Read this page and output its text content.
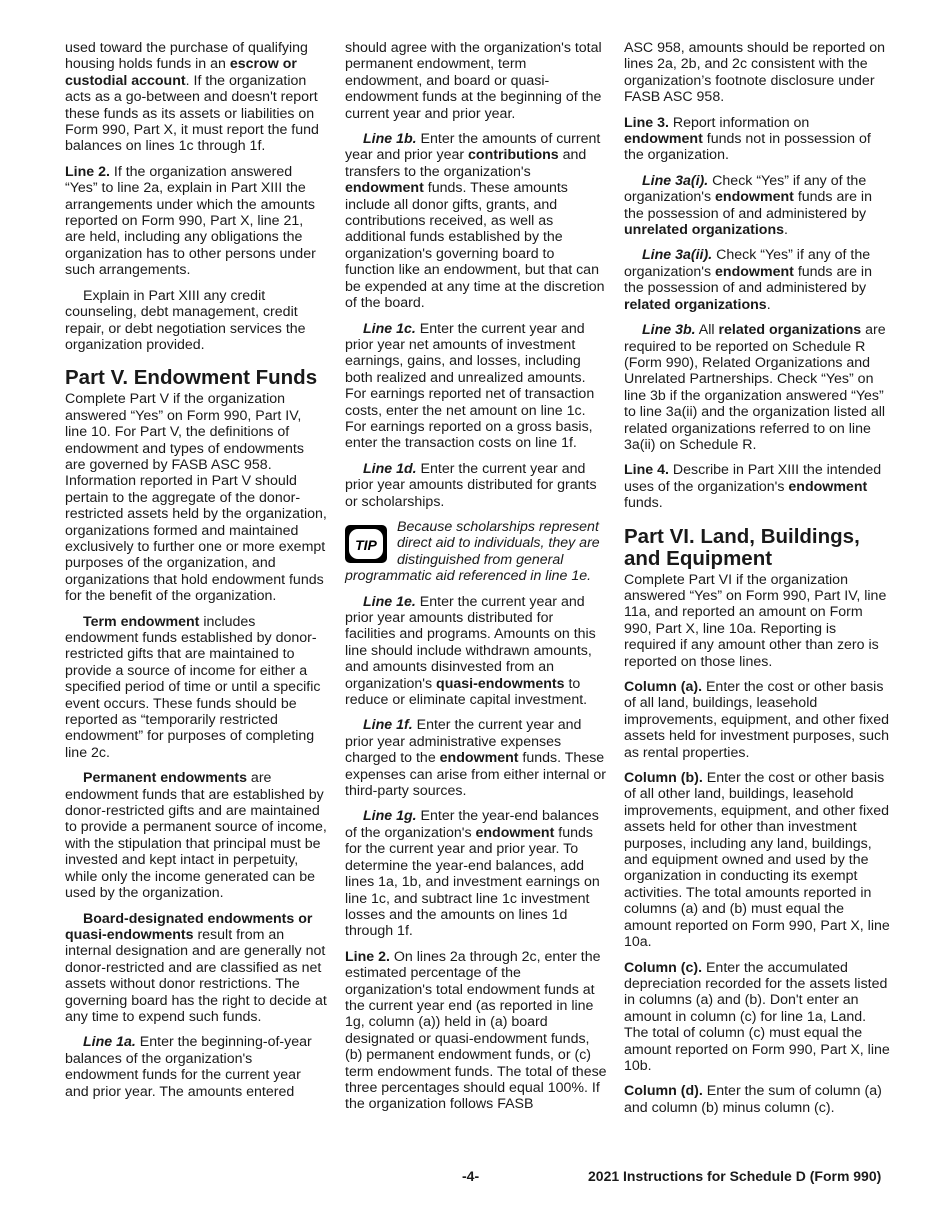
used toward the purchase of qualifying housing holds funds in an escrow or custodial account. If the organization acts as a go-between and doesn't report these funds as its assets or liabilities on Form 990, Part X, it must report the fund balances on lines 1c through 1f.

Line 2. If the organization answered “Yes” to line 2a, explain in Part XIII the arrangements under which the amounts reported on Form 990, Part X, line 21, are held, including any obligations the organization has to other persons under such arrangements.

Explain in Part XIII any credit counseling, debt management, credit repair, or debt negotiation services the organization provided.

Part V. Endowment Funds

Complete Part V if the organization answered “Yes” on Form 990, Part IV, line 10. For Part V, the definitions of endowment and types of endowments are governed by FASB ASC 958. Information reported in Part V should pertain to the aggregate of the donor-restricted assets held by the organization, organizations formed and maintained exclusively to further one or more exempt purposes of the organization, and organizations that hold endowment funds for the benefit of the organization.

Term endowment includes endowment funds established by donor-restricted gifts that are maintained to provide a source of income for either a specified period of time or until a specific event occurs. These funds should be reported as “temporarily restricted endowment” for purposes of completing line 2c.

Permanent endowments are endowment funds that are established by donor-restricted gifts and are maintained to provide a permanent source of income, with the stipulation that principal must be invested and kept intact in perpetuity, while only the income generated can be used by the organization.

Board-designated endowments or quasi-endowments result from an internal designation and are generally not donor-restricted and are classified as net assets without donor restrictions. The governing board has the right to decide at any time to expend such funds.

Line 1a. Enter the beginning-of-year balances of the organization's endowment funds for the current year and prior year. The amounts entered

should agree with the organization's total permanent endowment, term endowment, and board or quasi-endowment funds at the beginning of the current year and prior year.

Line 1b. Enter the amounts of current year and prior year contributions and transfers to the organization's endowment funds. These amounts include all donor gifts, grants, and contributions received, as well as additional funds established by the organization's governing board to function like an endowment, but that can be expended at any time at the discretion of the board.

Line 1c. Enter the current year and prior year net amounts of investment earnings, gains, and losses, including both realized and unrealized amounts. For earnings reported net of transaction costs, enter the net amount on line 1c. For earnings reported on a gross basis, enter the transaction costs on line 1f.

Line 1d. Enter the current year and prior year amounts distributed for grants or scholarships.

TIP
Because scholarships represent direct aid to individuals, they are distinguished from general
programmatic aid referenced in line 1e.

Line 1e. Enter the current year and prior year amounts distributed for facilities and programs. Amounts on this line should include withdrawn amounts, and amounts disinvested from an organization's quasi-endowments to reduce or eliminate capital investment.

Line 1f. Enter the current year and prior year administrative expenses charged to the endowment funds. These expenses can arise from either internal or third-party sources.

Line 1g. Enter the year-end balances of the organization's endowment funds for the current year and prior year. To determine the year-end balances, add lines 1a, 1b, and investment earnings on line 1c, and subtract line 1c investment losses and the amounts on lines 1d through 1f.

Line 2. On lines 2a through 2c, enter the estimated percentage of the organization's total endowment funds at the current year end (as reported in line 1g, column (a)) held in (a) board designated or quasi-endowment funds, (b) permanent endowment funds, or (c) term endowment funds. The total of these three percentages should equal 100%. If the organization follows FASB

ASC 958, amounts should be reported on lines 2a, 2b, and 2c consistent with the organization’s footnote disclosure under FASB ASC 958.

Line 3. Report information on endowment funds not in possession of the organization.

Line 3a(i). Check “Yes” if any of the organization's endowment funds are in the possession of and administered by unrelated organizations.

Line 3a(ii). Check “Yes” if any of the organization's endowment funds are in the possession of and administered by related organizations.

Line 3b. All related organizations are required to be reported on Schedule R (Form 990), Related Organizations and Unrelated Partnerships. Check “Yes” on line 3b if the organization answered “Yes” to line 3a(ii) and the organization listed all related organizations referred to on line 3a(ii) on Schedule R.

Line 4. Describe in Part XIII the intended uses of the organization's endowment funds.

Part VI. Land, Buildings, and Equipment

Complete Part VI if the organization answered “Yes” on Form 990, Part IV, line 11a, and reported an amount on Form 990, Part X, line 10a. Reporting is required if any amount other than zero is reported on those lines.

Column (a). Enter the cost or other basis of all land, buildings, leasehold improvements, equipment, and other fixed assets held for investment purposes, such as rental properties.

Column (b). Enter the cost or other basis of all other land, buildings, leasehold improvements, equipment, and other fixed assets held for other than investment purposes, including any land, buildings, and equipment owned and used by the organization in conducting its exempt activities. The total amounts reported in columns (a) and (b) must equal the amount reported on Form 990, Part X, line 10a.

Column (c). Enter the accumulated depreciation recorded for the assets listed in columns (a) and (b). Don't enter an amount in column (c) for line 1a, Land. The total of column (c) must equal the amount reported on Form 990, Part X, line 10b.

Column (d). Enter the sum of column (a) and column (b) minus column (c).

-4-	2021 Instructions for Schedule D (Form 990)
